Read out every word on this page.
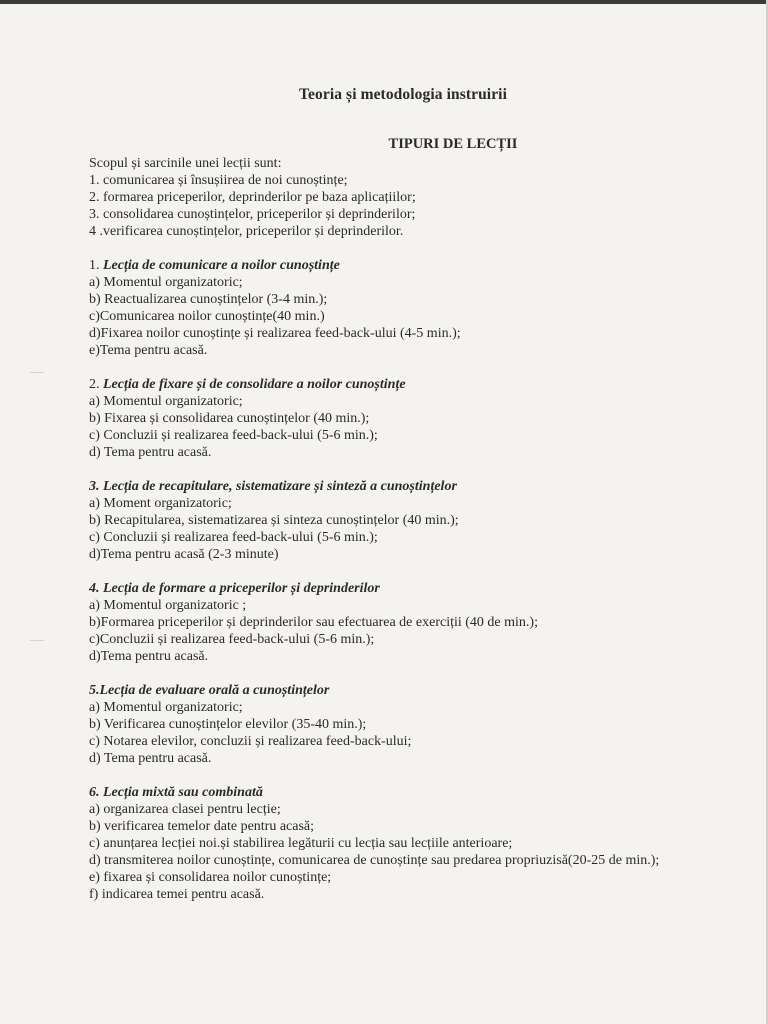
Teoria și metodologia instruirii
TIPURI DE LECȚII

Scopul și sarcinile unei lecții sunt:

1. comunicarea și însușiirea de noi cunoștințe;

2. formarea priceperilor, deprinderilor pe baza aplicațiilor;

3. consolidarea cunoștințelor, priceperilor și deprinderilor;

4 .verificarea cunoștințelor, priceperilor și deprinderilor.

1. Lecția de comunicare a noilor cunoștințe

a) Momentul organizatoric;

b) Reactualizarea cunoștințelor (3-4 min.);

c)Comunicarea noilor cunoștințe(40 min.)

d)Fixarea noilor cunoștințe și realizarea feed-back-ului (4-5 min.);

e)Tema pentru acasă.

2. Lecția de fixare și de consolidare a noilor cunoștințe

a) Momentul organizatoric;

b) Fixarea și consolidarea cunoștințelor (40 min.);

c) Concluzii și realizarea feed-back-ului (5-6 min.);

d) Tema pentru acasă.

3. Lecția de recapitulare, sistematizare și sinteză a cunoștințelor

a) Moment organizatoric;

b) Recapitularea, sistematizarea și sinteza cunoștințelor (40 min.);

c) Concluzii și realizarea feed-back-ului (5-6 min.);

d)Tema pentru acasă (2-3 minute)

4. Lecția de formare a priceperilor și deprinderilor

a) Momentul organizatoric ;

b)Formarea priceperilor și deprinderilor sau efectuarea de exerciții (40 de min.);

c)Concluzii și realizarea feed-back-ului (5-6 min.);

d)Tema pentru acasă.

5.Lecția de evaluare orală a cunoștințelor

a) Momentul organizatoric;

b) Verificarea cunoștințelor elevilor (35-40 min.);

c) Notarea elevilor, concluzii și realizarea feed-back-ului;

d) Tema pentru acasă.

6. Lecția mixtă sau combinată

a) organizarea clasei pentru lecție;

b) verificarea temelor date pentru acasă;

c) anunțarea lecției noi.și stabilirea legăturii cu lecția sau lecțiile anterioare;

d) transmiterea noilor cunoștințe, comunicarea de cunoștințe sau predarea propriuzisă(20-25 de min.);

e) fixarea și consolidarea noilor cunoștințe;

f) indicarea temei pentru acasă.
